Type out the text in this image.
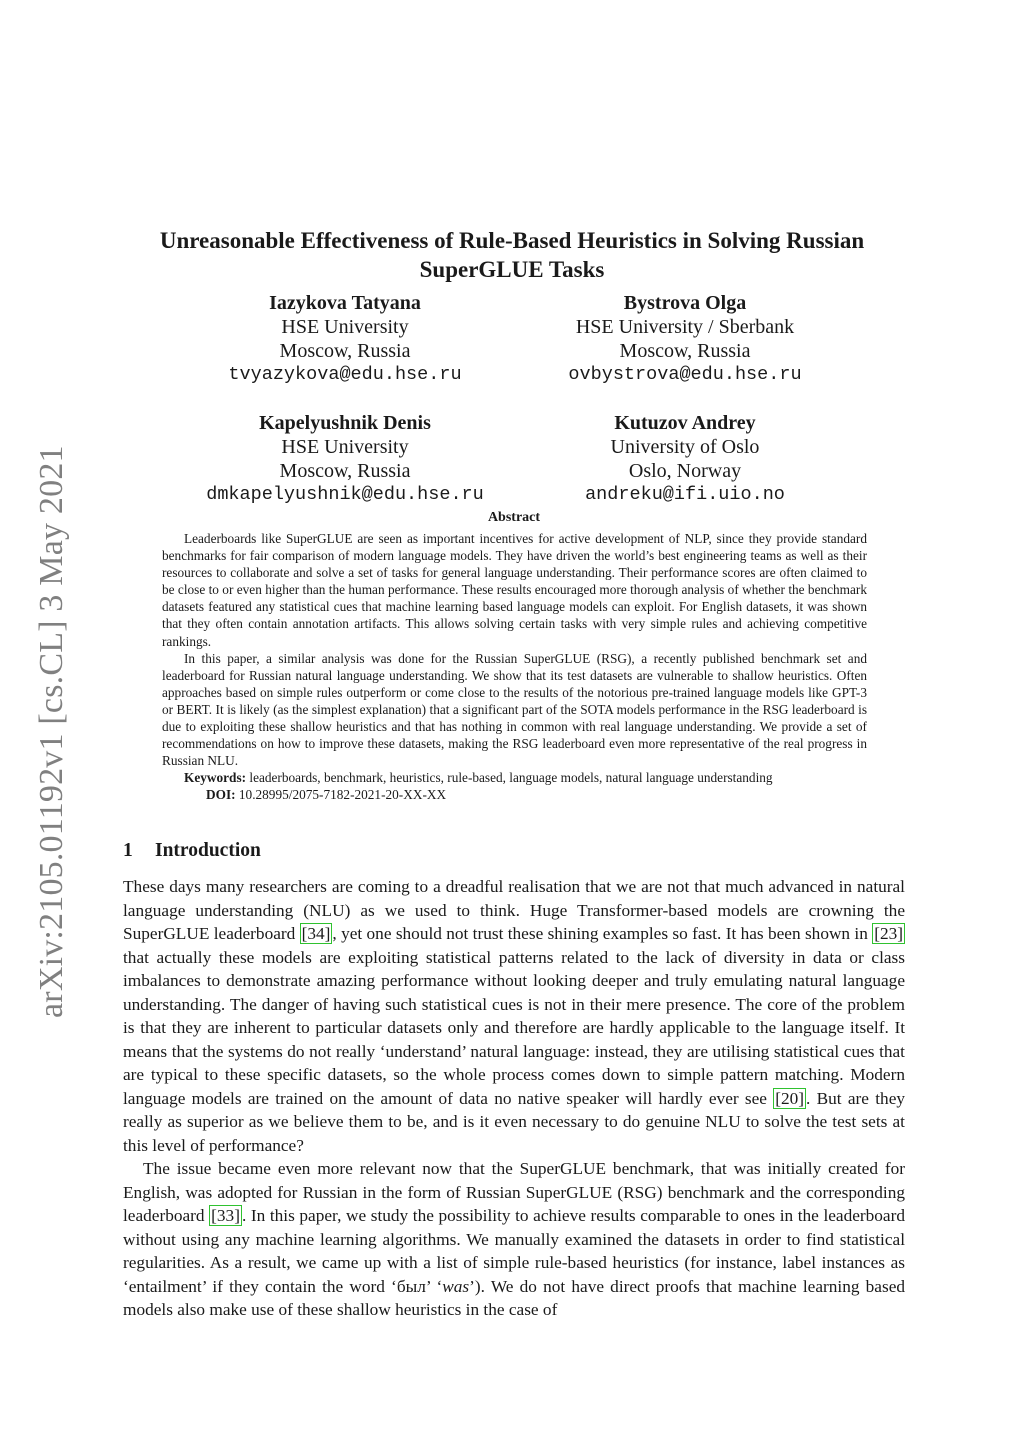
arXiv:2105.01192v1 [cs.CL] 3 May 2021
Unreasonable Effectiveness of Rule-Based Heuristics in Solving Russian
SuperGLUE Tasks
Iazykova Tatyana
HSE University
Moscow, Russia
tvyazykova@edu.hse.ru
Bystrova Olga
HSE University / Sberbank
Moscow, Russia
ovbystrova@edu.hse.ru
Kapelyushnik Denis
HSE University
Moscow, Russia
dmkapelyushnik@edu.hse.ru
Kutuzov Andrey
University of Oslo
Oslo, Norway
andreku@ifi.uio.no
Abstract

Leaderboards like SuperGLUE are seen as important incentives for active development of NLP, since they provide standard benchmarks for fair comparison of modern language models. They have driven the world’s best engineering teams as well as their resources to collaborate and solve a set of tasks for general language understanding. Their performance scores are often claimed to be close to or even higher than the human performance. These results encouraged more thorough analysis of whether the benchmark datasets featured any statistical cues that machine learning based language models can exploit. For English datasets, it was shown that they often contain annotation artifacts. This allows solving certain tasks with very simple rules and achieving competitive rankings.

In this paper, a similar analysis was done for the Russian SuperGLUE (RSG), a recently published benchmark set and leaderboard for Russian natural language understanding. We show that its test datasets are vulnerable to shallow heuristics. Often approaches based on simple rules outperform or come close to the results of the notorious pre-trained language models like GPT-3 or BERT. It is likely (as the simplest explanation) that a significant part of the SOTA models performance in the RSG leaderboard is due to exploiting these shallow heuristics and that has nothing in common with real language understanding. We provide a set of recommendations on how to improve these datasets, making the RSG leaderboard even more representative of the real progress in Russian NLU.

Keywords: leaderboards, benchmark, heuristics, rule-based, language models, natural language understanding

DOI: 10.28995/2075-7182-2021-20-XX-XX

1 Introduction

These days many researchers are coming to a dreadful realisation that we are not that much advanced in natural language understanding (NLU) as we used to think. Huge Transformer-based models are crowning the SuperGLUE leaderboard [34] , yet one should not trust these shining examples so fast. It has been shown in [23] that actually these models are exploiting statistical patterns related to the lack of diversity in data or class imbalances to demonstrate amazing performance without looking deeper and truly emulating natural language understanding. The danger of having such statistical cues is not in their mere presence. The core of the problem is that they are inherent to particular datasets only and therefore are hardly applicable to the language itself. It means that the systems do not really ‘understand’ natural language: instead, they are utilising statistical cues that are typical to these specific datasets, so the whole process comes down to simple pattern matching. Modern language models are trained on the amount of data no native speaker will hardly ever see [20] . But are they really as superior as we believe them to be, and is it even necessary to do genuine NLU to solve the test sets at this level of performance?

The issue became even more relevant now that the SuperGLUE benchmark, that was initially created for English, was adopted for Russian in the form of Russian SuperGLUE (RSG) benchmark and the corresponding leaderboard [33] . In this paper, we study the possibility to achieve results comparable to ones in the leaderboard without using any machine learning algorithms. We manually examined the datasets in order to find statistical regularities. As a result, we came up with a list of simple rule-based heuristics (for instance, label instances as ‘entailment’ if they contain the word ‘был’ ‘was’). We do not have direct proofs that machine learning based models also make use of these shallow heuristics in the case of
